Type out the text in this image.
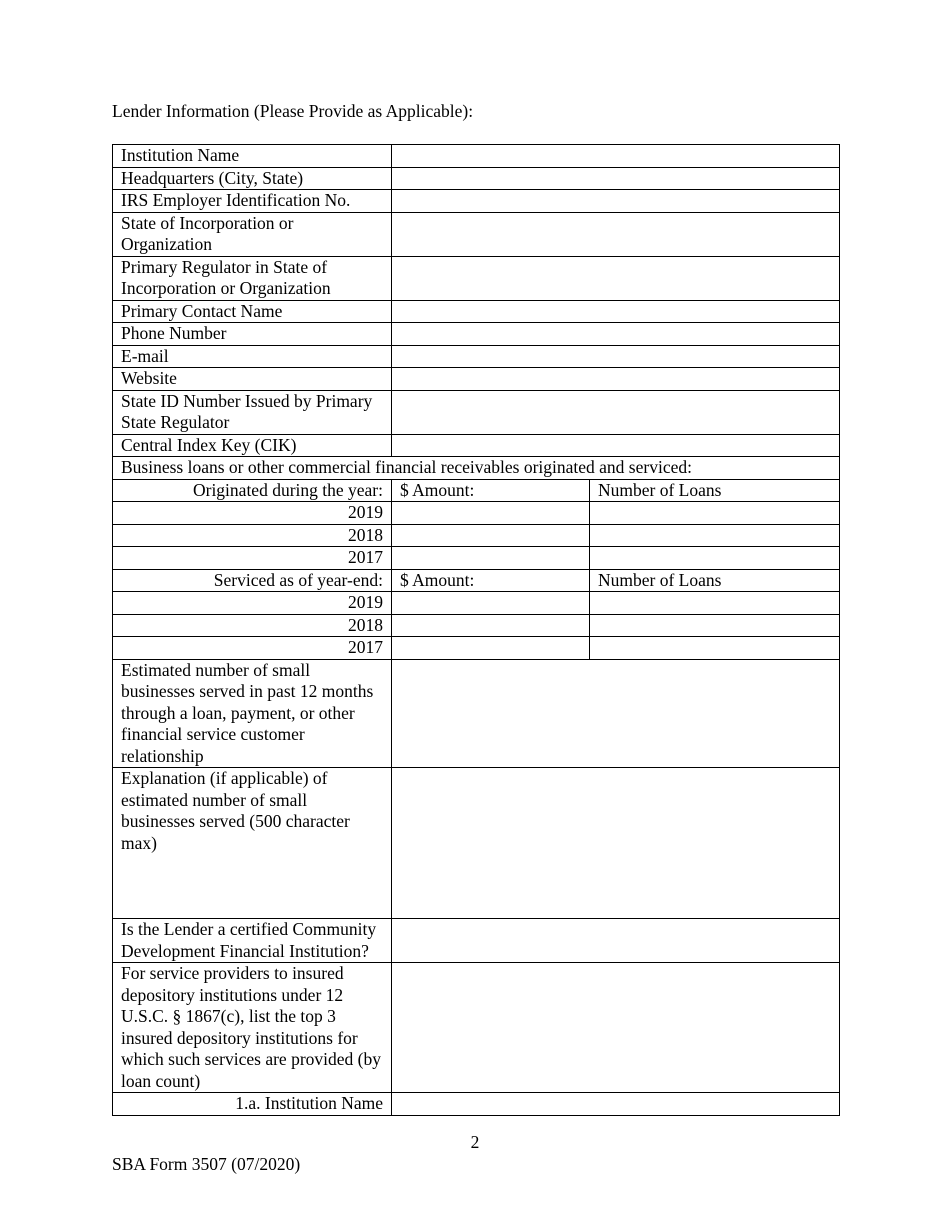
Lender Information (Please Provide as Applicable):
Institution Name		
Headquarters (City, State)		
IRS Employer Identification No.		
State of Incorporation or Organization		
Primary Regulator in State of Incorporation or Organization		
Primary Contact Name		
Phone Number		
E-mail		
Website		
State ID Number Issued by Primary State Regulator		
Central Index Key (CIK)		
Business loans or other commercial financial receivables originated and serviced:		
Originated during the year:	$ Amount:	Number of Loans
2019		
2018		
2017		
Serviced as of year-end:	$ Amount:	Number of Loans
2019		
2018		
2017		
Estimated number of small businesses served in past 12 months through a loan, payment, or other financial service customer relationship		
Explanation (if applicable) of estimated number of small businesses served (500 character max)		
Is the Lender a certified Community Development Financial Institution?		
For service providers to insured depository institutions under 12 U.S.C. § 1867(c), list the top 3 insured depository institutions for which such services are provided (by loan count)		
1.a. Institution Name		
2
SBA Form 3507 (07/2020)
